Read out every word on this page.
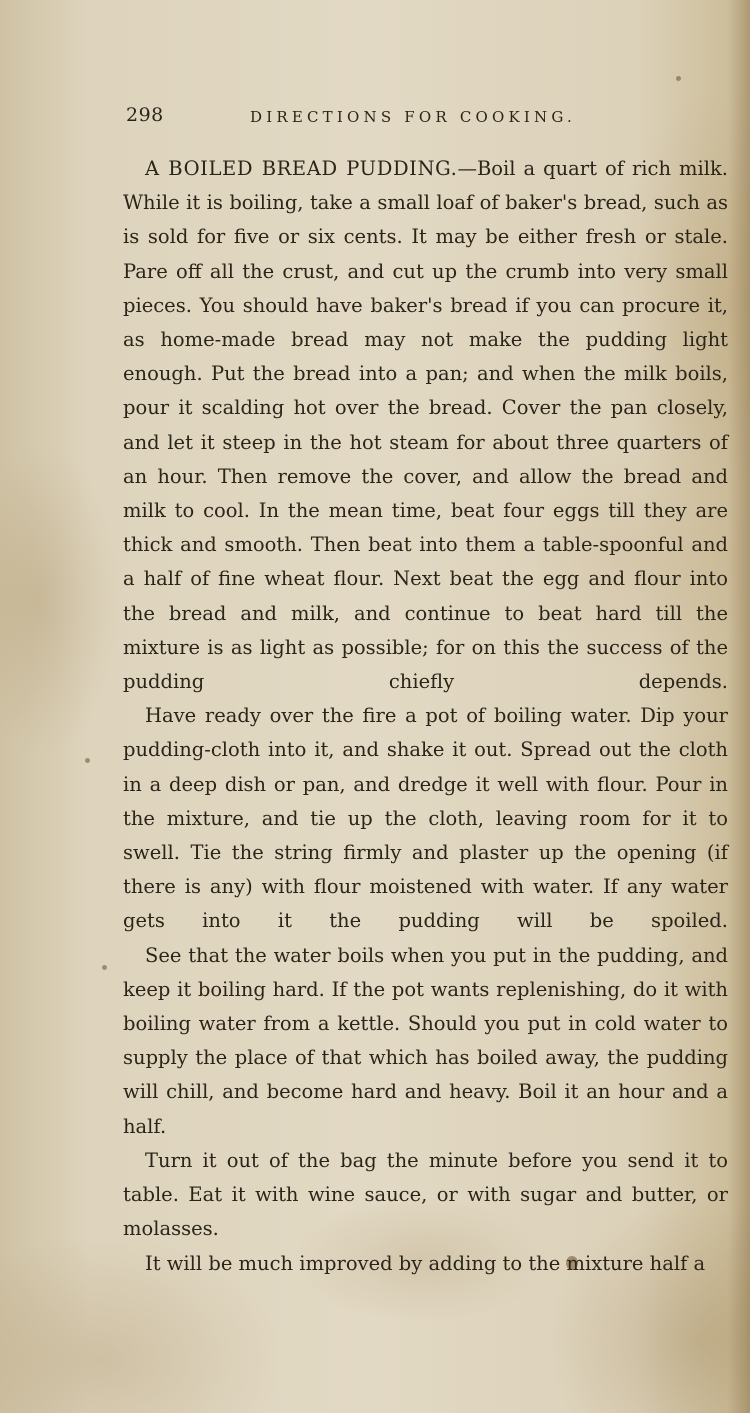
298	DIRECTIONS FOR COOKING.

A BOILED BREAD PUDDING.—Boil a quart of rich milk. While it is boiling, take a small loaf of baker's bread, such as is sold for five or six cents. It may be either fresh or stale. Pare off all the crust, and cut up the crumb into very small pieces. You should have baker's bread if you can procure it, as home-made bread may not make the pudding light enough. Put the bread into a pan; and when the milk boils, pour it scalding hot over the bread. Cover the pan closely, and let it steep in the hot steam for about three quarters of an hour. Then remove the cover, and allow the bread and milk to cool. In the mean time, beat four eggs till they are thick and smooth. Then beat into them a table-spoonful and a half of fine wheat flour. Next beat the egg and flour into the bread and milk, and continue to beat hard till the mixture is as light as possible; for on this the success of the pudding chiefly depends.

Have ready over the fire a pot of boiling water. Dip your pudding-cloth into it, and shake it out. Spread out the cloth in a deep dish or pan, and dredge it well with flour. Pour in the mixture, and tie up the cloth, leaving room for it to swell. Tie the string firmly and plaster up the opening (if there is any) with flour moistened with water. If any water gets into it the pudding will be spoiled.

See that the water boils when you put in the pudding, and keep it boiling hard. If the pot wants replenishing, do it with boiling water from a kettle. Should you put in cold water to supply the place of that which has boiled away, the pudding will chill, and become hard and heavy. Boil it an hour and a half.

Turn it out of the bag the minute before you send it to table. Eat it with wine sauce, or with sugar and butter, or molasses.

It will be much improved by adding to the mixture half a
